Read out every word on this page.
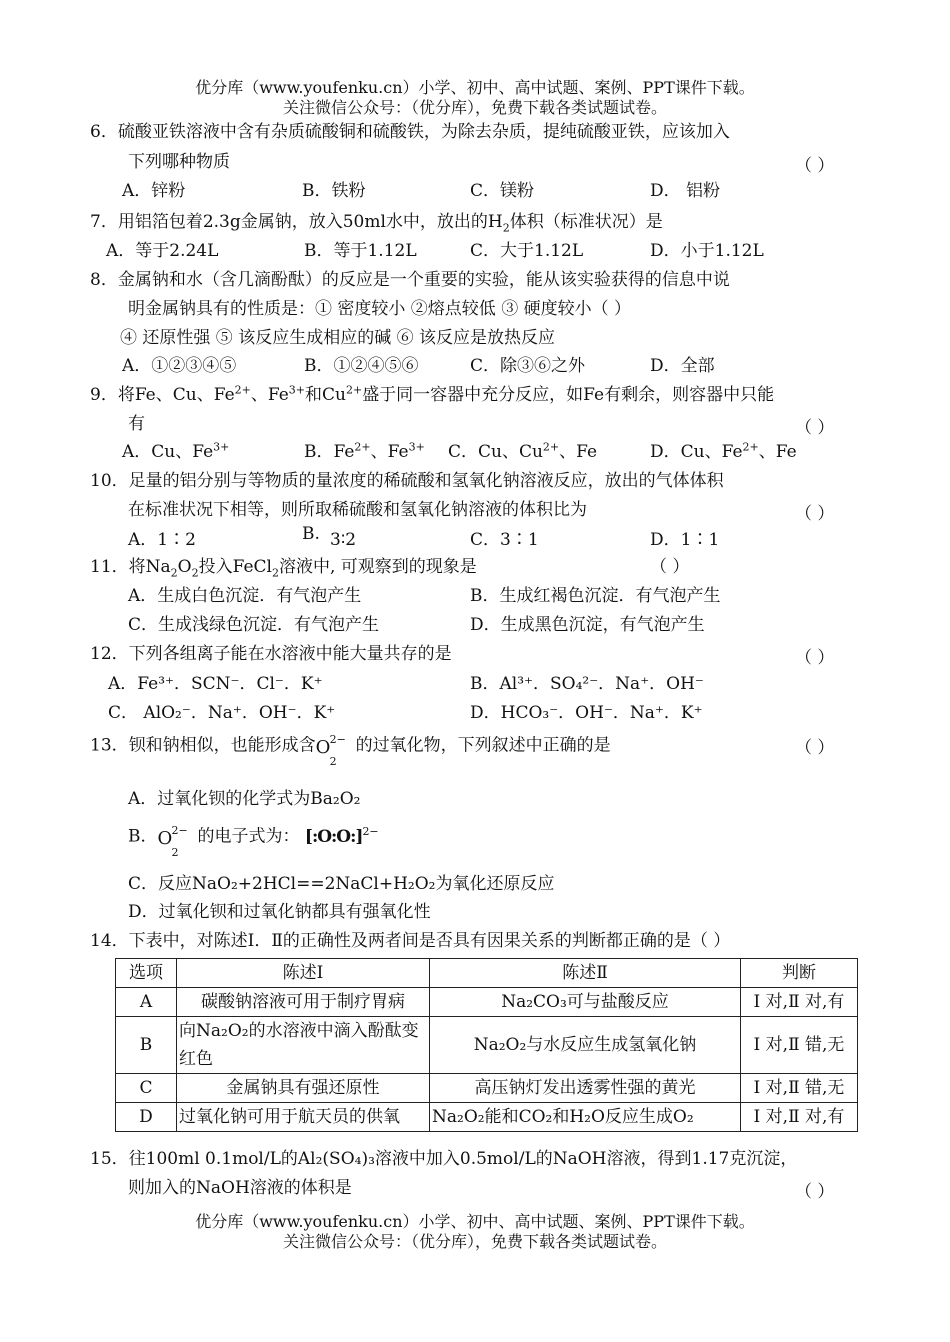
优分库（www.youfenku.cn）小学、初中、高中试题、案例、PPT课件下载。
关注微信公众号：（优分库），免费下载各类试题试卷。
6．硫酸亚铁溶液中含有杂质硫酸铜和硫酸铁，为除去杂质，提纯硫酸亚铁，应该加入
下列哪种物质	（ ）
A．锌粉	B．铁粉	C．镁粉	D． 铝粉
7．用铝箔包着2.3g金属钠，放入50ml水中，放出的$H_2$体积（标准状况）是
A．等于2.24L	B．等于1.12L	C．大于1.12L	D．小于1.12L
8．金属钠和水（含几滴酚酞）的反应是一个重要的实验，能从该实验获得的信息中说
明金属钠具有的性质是：① 密度较小 ②熔点较低 ③ 硬度较小（ ）
④ 还原性强 ⑤ 该反应生成相应的碱 ⑥ 该反应是放热反应
A．①②③④⑤	B．①②④⑤⑥	C．除③⑥之外	D．全部
9．将Fe、Cu、$Fe^{2+}$、$Fe^{3+}$和$Cu^{2+}$盛于同一容器中充分反应，如Fe有剩余，则容器中只能
有	（ ）
A．Cu、$Fe^{3+}$	B．$Fe^{2+}$、$Fe^{3+}$ C．Cu、$Cu^{2+}$、Fe	D．Cu、$Fe^{2+}$、Fe
10．足量的铝分别与等物质的量浓度的稀硫酸和氢氧化钠溶液反应，放出的气体体积
在标准状况下相等，则所取稀硫酸和氢氧化钠溶液的体积比为	（ ）
A．1∶2	B. 3∶2	C．3∶1	D．1∶1
11．将$Na_2O_2$投入FeCl$_2$溶液中, 可观察到的现象是	（ ）
A．生成白色沉淀．有气泡产生	B．生成红褐色沉淀．有气泡产生
C．生成浅绿色沉淀．有气泡产生	D．生成黑色沉淀，有气泡产生
12．下列各组离子能在水溶液中能大量共存的是	（ ）
A．Fe³⁺．SCN⁻．Cl⁻．K⁺	B．Al³⁺．SO₄²⁻．Na⁺．OH⁻
C． AlO₂⁻．Na⁺．OH⁻．K⁺	D．HCO₃⁻．OH⁻．Na⁺．K⁺
13．钡和钠相似，也能形成含 O 2−
2
的过氧化物，下列叙述中正确的是	（ ）
A．过氧化钡的化学式为Ba₂O₂
B． O 2−
2
的电子式为： [:O:O:]$^{2-}$
C．反应NaO₂+2HCl==2NaCl+H₂O₂为氧化还原反应
D．过氧化钡和过氧化钠都具有强氧化性
14．下表中，对陈述Ⅰ．Ⅱ的正确性及两者间是否具有因果关系的判断都正确的是（ ）
选项	陈述Ⅰ	陈述Ⅱ	判断
A	碳酸钠溶液可用于制疗胃病	Na₂CO₃可与盐酸反应	Ⅰ 对,Ⅱ 对,有
B	向Na₂O₂的水溶液中滴入酚酞变红色	Na₂O₂与水反应生成氢氧化钠	Ⅰ 对,Ⅱ 错,无
C	金属钠具有强还原性	高压钠灯发出透雾性强的黄光	Ⅰ 对,Ⅱ 错,无
D	过氧化钠可用于航天员的供氧	Na₂O₂能和CO₂和H₂O反应生成O₂	Ⅰ 对,Ⅱ 对,有
15．往100ml 0.1mol/L的Al₂(SO₄)₃溶液中加入0.5mol/L的NaOH溶液，得到1.17克沉淀，
则加入的NaOH溶液的体积是	（ ）
优分库（www.youfenku.cn）小学、初中、高中试题、案例、PPT课件下载。
关注微信公众号：（优分库），免费下载各类试题试卷。
